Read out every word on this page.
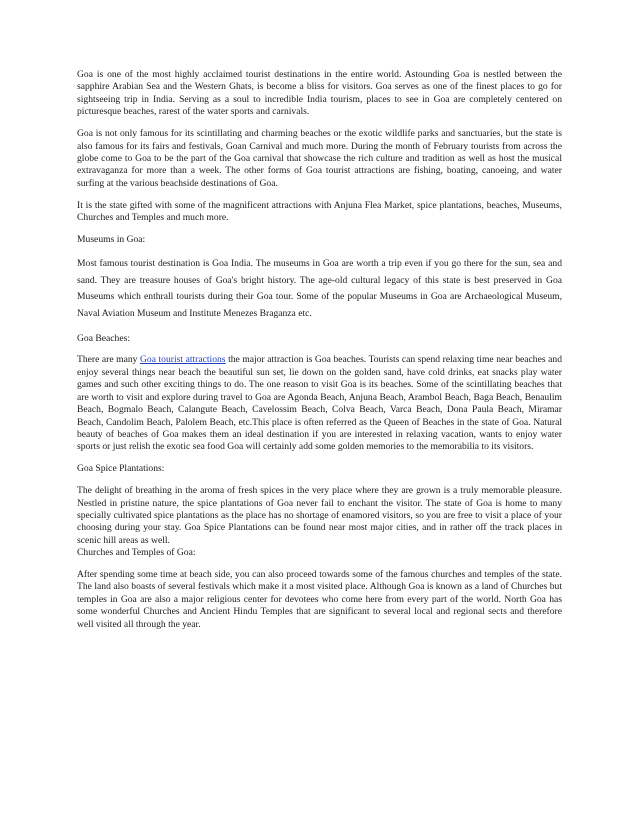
Goa is one of the most highly acclaimed tourist destinations in the entire world. Astounding Goa is nestled between the sapphire Arabian Sea and the Western Ghats, is become a bliss for visitors. Goa serves as one of the finest places to go for sightseeing trip in India. Serving as a soul to incredible India tourism, places to see in Goa are completely centered on picturesque beaches, rarest of the water sports and carnivals.

Goa is not only famous for its scintillating and charming beaches or the exotic wildlife parks and sanctuaries, but the state is also famous for its fairs and festivals, Goan Carnival and much more. During the month of February tourists from across the globe come to Goa to be the part of the Goa carnival that showcase the rich culture and tradition as well as host the musical extravaganza for more than a week. The other forms of Goa tourist attractions are fishing, boating, canoeing, and water surfing at the various beachside destinations of Goa.

It is the state gifted with some of the magnificent attractions with Anjuna Flea Market, spice plantations, beaches, Museums, Churches and Temples and much more.

Museums in Goa:

Most famous tourist destination is Goa India. The museums in Goa are worth a trip even if you go there for the sun, sea and sand. They are treasure houses of Goa's bright history. The age-old cultural legacy of this state is best preserved in Goa Museums which enthrall tourists during their Goa tour. Some of the popular Museums in Goa are Archaeological Museum, Naval Aviation Museum and Institute Menezes Braganza etc.

Goa Beaches:

There are many Goa tourist attractions the major attraction is Goa beaches. Tourists can spend relaxing time near beaches and enjoy several things near beach the beautiful sun set, lie down on the golden sand, have cold drinks, eat snacks play water games and such other exciting things to do. The one reason to visit Goa is its beaches. Some of the scintillating beaches that are worth to visit and explore during travel to Goa are Agonda Beach, Anjuna Beach, Arambol Beach, Baga Beach, Benaulim Beach, Bogmalo Beach, Calangute Beach, Cavelossim Beach, Colva Beach, Varca Beach, Dona Paula Beach, Miramar Beach, Candolim Beach, Palolem Beach, etc.This place is often referred as the Queen of Beaches in the state of Goa. Natural beauty of beaches of Goa makes them an ideal destination if you are interested in relaxing vacation, wants to enjoy water sports or just relish the exotic sea food Goa will certainly add some golden memories to the memorabilia to its visitors.

Goa Spice Plantations:

The delight of breathing in the aroma of fresh spices in the very place where they are grown is a truly memorable pleasure. Nestled in pristine nature, the spice plantations of Goa never fail to enchant the visitor. The state of Goa is home to many specially cultivated spice plantations as the place has no shortage of enamored visitors, so you are free to visit a place of your choosing during your stay. Goa Spice Plantations can be found near most major cities, and in rather off the track places in scenic hill areas as well.

Churches and Temples of Goa:

After spending some time at beach side, you can also proceed towards some of the famous churches and temples of the state. The land also boasts of several festivals which make it a most visited place. Although Goa is known as a land of Churches but temples in Goa are also a major religious center for devotees who come here from every part of the world. North Goa has some wonderful Churches and Ancient Hindu Temples that are significant to several local and regional sects and therefore well visited all through the year.
